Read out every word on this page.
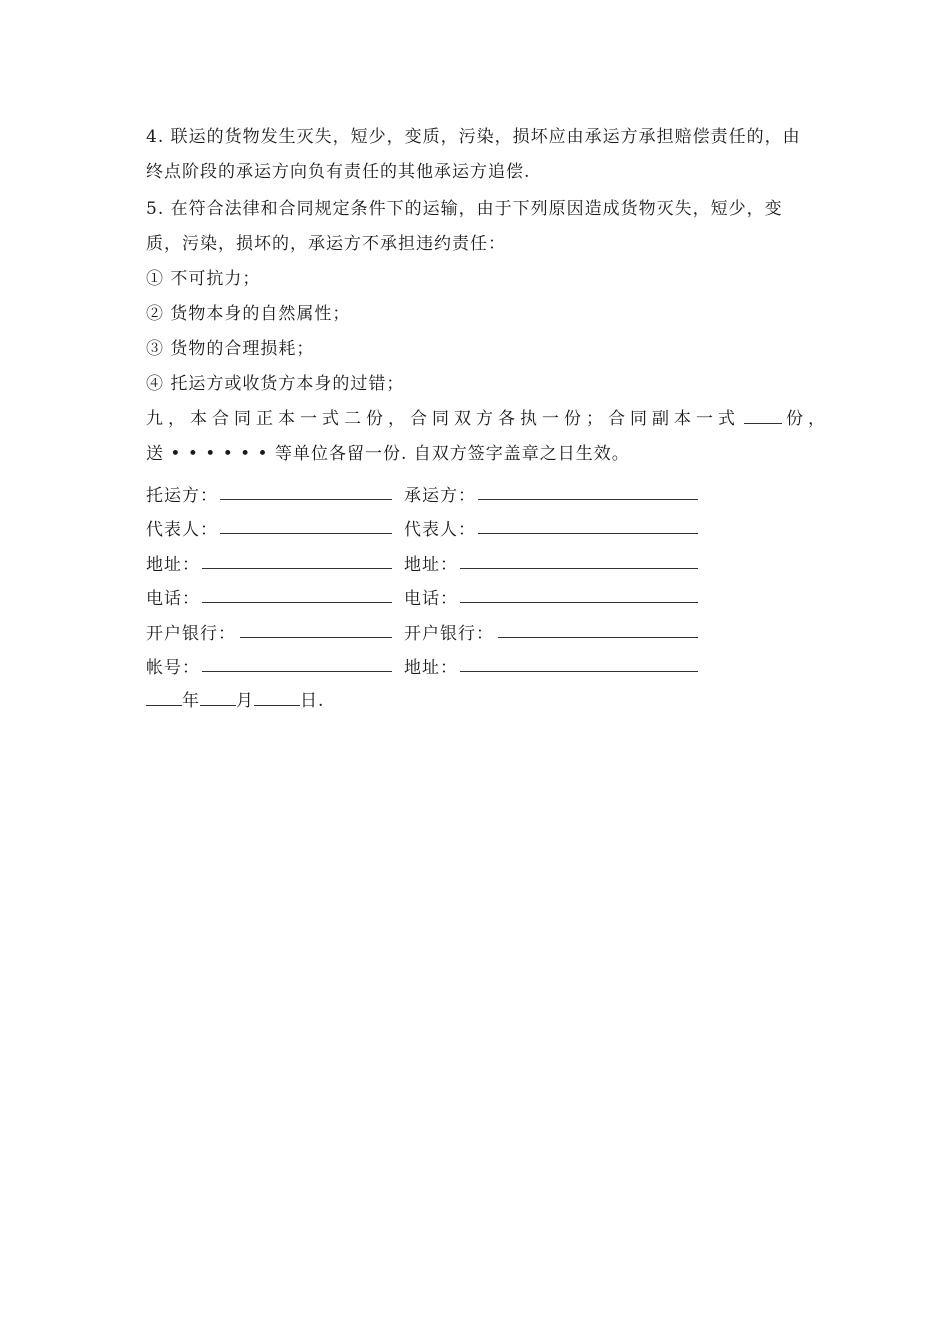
4. 联运的货物发生灭失，短少，变质，污染，损坏应由承运方承担赔偿责任的，由终点阶段的承运方向负有责任的其他承运方追偿.

5. 在符合法律和合同规定条件下的运输，由于下列原因造成货物灭失，短少，变质，污染，损坏的，承运方不承担违约责任：

① 不可抗力；

② 货物本身的自然属性；

③ 货物的合理损耗；

④ 托运方或收货方本身的过错；

九，本合同正本一式二份，合同双方各执一份；合同副本一式	份，

送 • • • • • • 等单位各留一份. 自双方签字盖章之日生效。

托运方：	承运方：
代表人：	代表人：
地址：	地址：
电话：	电话：
开户银行：	开户银行：
帐号：	地址：
年 月	日.
